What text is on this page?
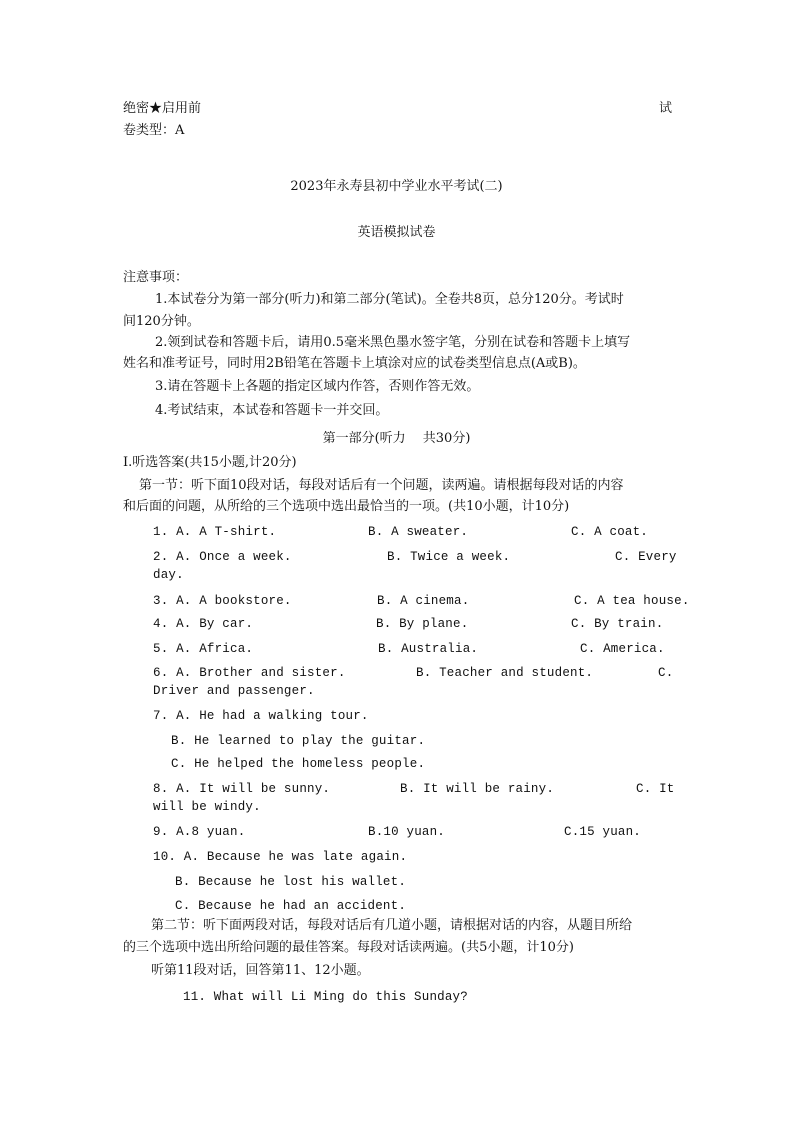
绝密★启用前	试
卷类型：A
2023年永寿县初中学业水平考试(二)
英语模拟试卷
注意事项：
1.本试卷分为第一部分(听力)和第二部分(笔试)。全卷共8页，总分120分。考试时
间120分钟。
2.领到试卷和答题卡后，请用0.5毫米黑色墨水签字笔，分别在试卷和答题卡上填写
姓名和准考证号，同时用2B铅笔在答题卡上填涂对应的试卷类型信息点(A或B)。
3.请在答题卡上各题的指定区域内作答，否则作答无效。
4.考试结束，本试卷和答题卡一并交回。
第一部分(听力　 共30分)
Ⅰ.听选答案(共15小题,计20分)
第一节：听下面10段对话，每段对话后有一个问题，读两遍。请根据每段对话的内容
和后面的问题，从所给的三个选项中选出最恰当的一项。(共10小题，计10分)
1. A. A T-shirt.	B. A sweater.	C. A coat.
2. A. Once a week.	B. Twice a week.	C. Every
day.
3. A. A bookstore.	B. A cinema.	C. A tea house.
4. A. By car.	B. By plane.	C. By train.
5. A. Africa.	B. Australia.	C. America.
6. A. Brother and sister.	B. Teacher and student.	C.
Driver and passenger.
7. A. He had a walking tour.
B. He learned to play the guitar.
C. He helped the homeless people.
8. A. It will be sunny.	B. It will be rainy.	C. It
will be windy.
9. A.8 yuan.	B.10 yuan.	C.15 yuan.
10. A. Because he was late again.
B. Because he lost his wallet.
C. Because he had an accident.
第二节：听下面两段对话，每段对话后有几道小题，请根据对话的内容，从题目所给
的三个选项中选出所给问题的最佳答案。每段对话读两遍。(共5小题，计10分)
听第11段对话，回答第11、12小题。
11. What will Li Ming do this Sunday?
